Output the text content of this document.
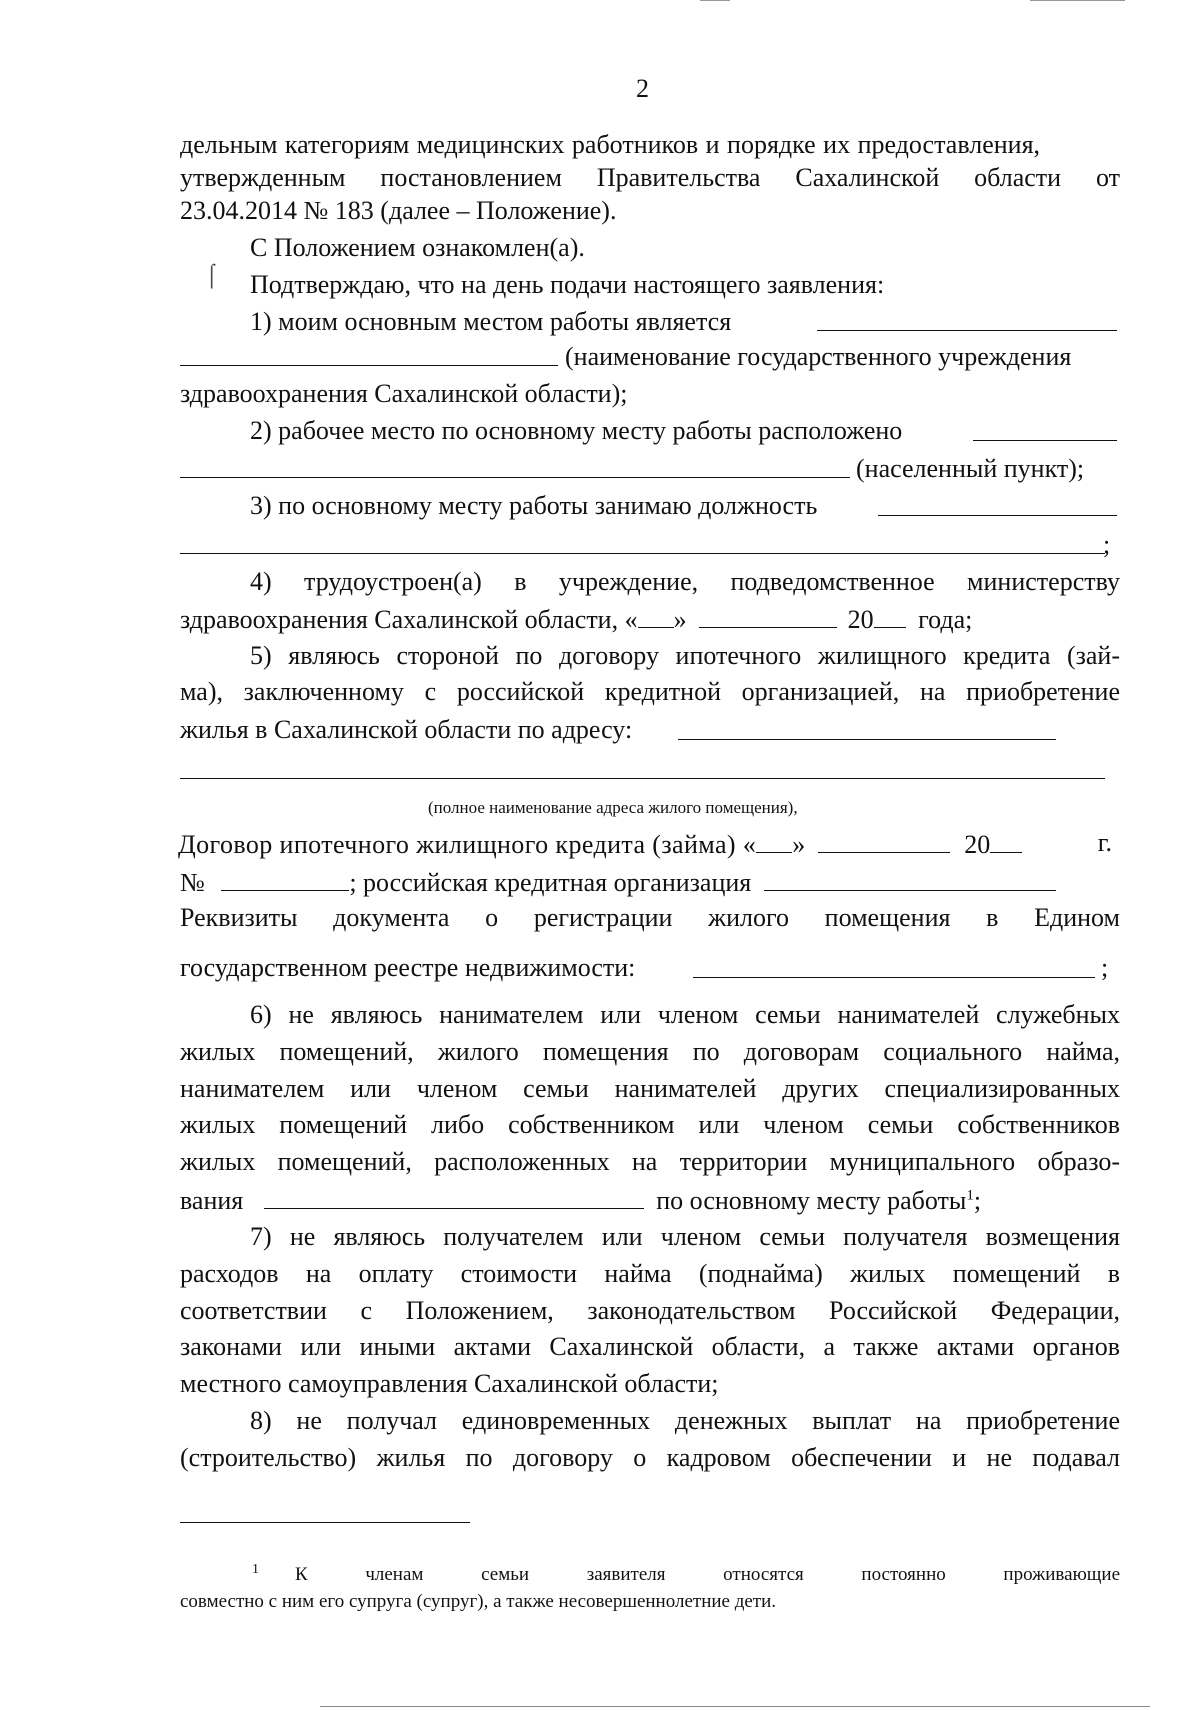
⌠
2
дельным категориям медицинских работников и порядке их предоставления,
утвержденным постановлением Правительства Сахалинской области от
23.04.2014 № 183 (далее – Положение).
С Положением ознакомлен(а).
Подтверждаю, что на день подачи настоящего заявления:
1) моим основным местом работы является
(наименование государственного учреждения
здравоохранения Сахалинской области);
2) рабочее место по основному месту работы расположено
(населенный пункт);
3) по основному месту работы занимаю должность
;
4) трудоустроен(а) в учреждение, подведомственное министерству
здравоохранения Сахалинской области, « »	20 года;
5) являюсь стороной по договору ипотечного жилищного кредита (зай-
ма), заключенному с российской кредитной организацией, на приобретение
жилья в Сахалинской области по адресу:
(полное наименование адреса жилого помещения),
Договор ипотечного жилищного кредита (займа) « »	20	г.
№	; российская кредитная организация
Реквизиты документа о регистрации жилого помещения в Едином
государственном реестре недвижимости:	;
6) не являюсь нанимателем или членом семьи нанимателей служебных
жилых помещений, жилого помещения по договорам социального найма,
нанимателем или членом семьи нанимателей других специализированных
жилых помещений либо собственником или членом семьи собственников
жилых помещений, расположенных на территории муниципального образо-
вания	по основному месту работы$^1$;
7) не являюсь получателем или членом семьи получателя возмещения
расходов на оплату стоимости найма (поднайма) жилых помещений в
соответствии с Положением, законодательством Российской Федерации,
законами или иными актами Сахалинской области, а также актами органов
местного самоуправления Сахалинской области;
8) не получал единовременных денежных выплат на приобретение
(строительство) жилья по договору о кадровом обеспечении и не подавал
1 К членам семьи заявителя относятся постоянно проживающие
совместно с ним его супруга (супруг), а также несовершеннолетние дети.
